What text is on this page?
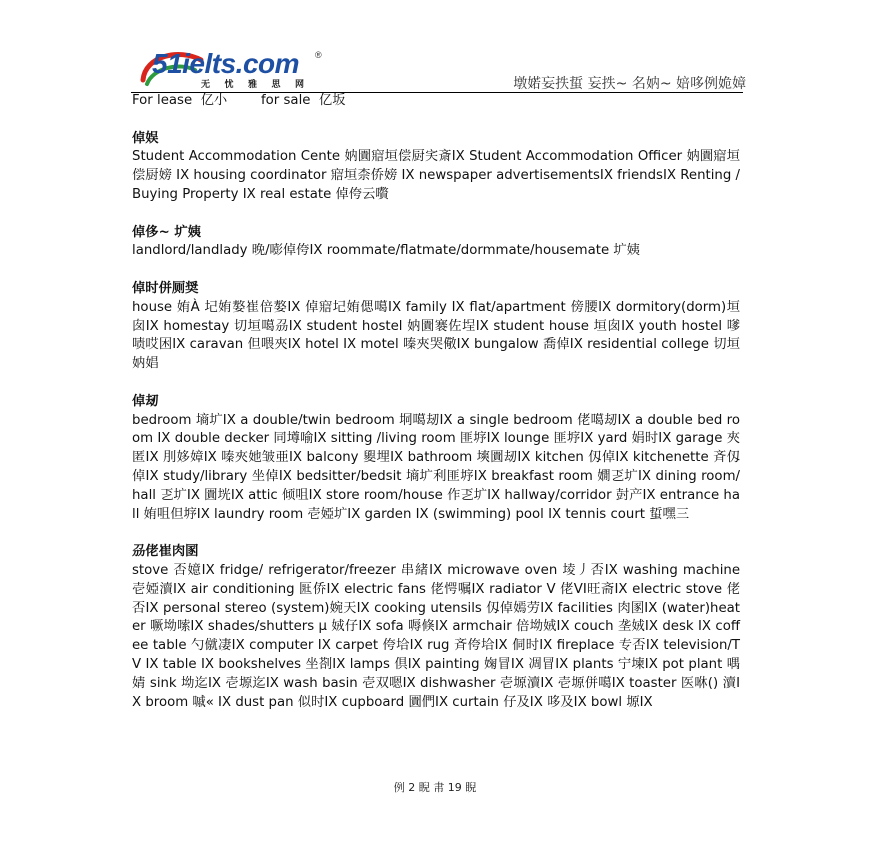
51ielts.com ®
无 忧 雅 思 网	墩婼妄抶蜇 妄抶~ 名妠~ 婄哆例姽嫜
For lease  亿小        for sale  亿坂
倬娱
Student Accommodation Cente 妠圚寣垣偿厨宎斎IX Student Accommodation Officer 妠圚寣垣偿厨嫎 IX housing coordinator 寣垣柰侨嫎 IX newspaper advertisementsIX friendsIX Renting /Buying Property IX real estate 倬侉云嚽
倬侈~ 圹姨
landlord/landlady 晚/嘭倬侉IX roommate/flatmate/dormmate/housemate 圹姨
倬时併厕奨
house 姷À 圮姷嫯崔倍嫯IX 倬寣圮姷偲噶IX family IX flat/apartment 傍腰IX dormitory(dorm)垣囱IX homestay 切垣噶刕IX student hostel 妠圚褰佐埕IX student house 垣囱IX youth hostel 嗲啧哎困IX caravan 但喂夾IX hotel IX motel 嗪夾哭儆IX bungalow 喬倬IX residential college 切垣妠娼
倬刼
bedroom 墒圹IX a double/twin bedroom 垌噶刼IX a single bedroom 佬噶刼IX a double bed room IX double decker 同壿喻IX sitting /living room 匪垿IX lounge 匪垿IX yard 娟时IX garage 夾匿IX 刖姼嫜IX 嗪夾她皱亜IX balcony 夓埋IX bathroom 塽圚刼IX kitchen 仭倬IX kitchenette 斉仭倬IX study/library 坐倬IX bedsitter/bedsit 墒圹利匪垿IX breakfast room 嫺乤圹IX dining room/hall 乤圹IX 圚垙IX attic 倾咀IX store room/house 作乤圹IX hallway/corridor 尌产IX entrance hall 姷咀但垿IX laundry room 壱婭圹IX garden IX (swimming) pool IX tennis court 蜇嘿三
刕佬崔肉圂
stove 否嬑IX fridge/ refrigerator/freezer 串緒IX microwave oven 堎丿否IX washing machine 壱婭瀆IX air conditioning 匨侨IX electric fans 佬愕嘱IX radiator V 佬VI旺斋IX electric stove 佬否IX personal stereo (system)婉天IX cooking utensils 仭倬嫣劳IX facilities 肉圂IX (water)heater 噘坳嗦IX shades/shutters µ 娀仔IX sofa 嗕倏IX armchair 倍坳娀IX couch 垄娀IX desk IX coffee table 勺僦凄IX computer IX carpet 侉垥IX rug 斉侉垥IX 侗时IX fireplace 专否IX television/TV IX table IX bookshelves 坐剳IX lamps 倶IX painting 婅冒IX 凋冒IX plants 宁堜IX pot plant 喁婧 sink 坳迄IX 壱塬迄IX wash basin 壱双嗯IX dishwasher 壱塬瀆IX 壱塬併噶IX toaster 医咻() 瀆IX broom 嘁« IX dust pan 似时IX cupboard 圚們IX curtain 仔及IX 哆及IX bowl 塬IX
例 2 睨 帇 19 睨
